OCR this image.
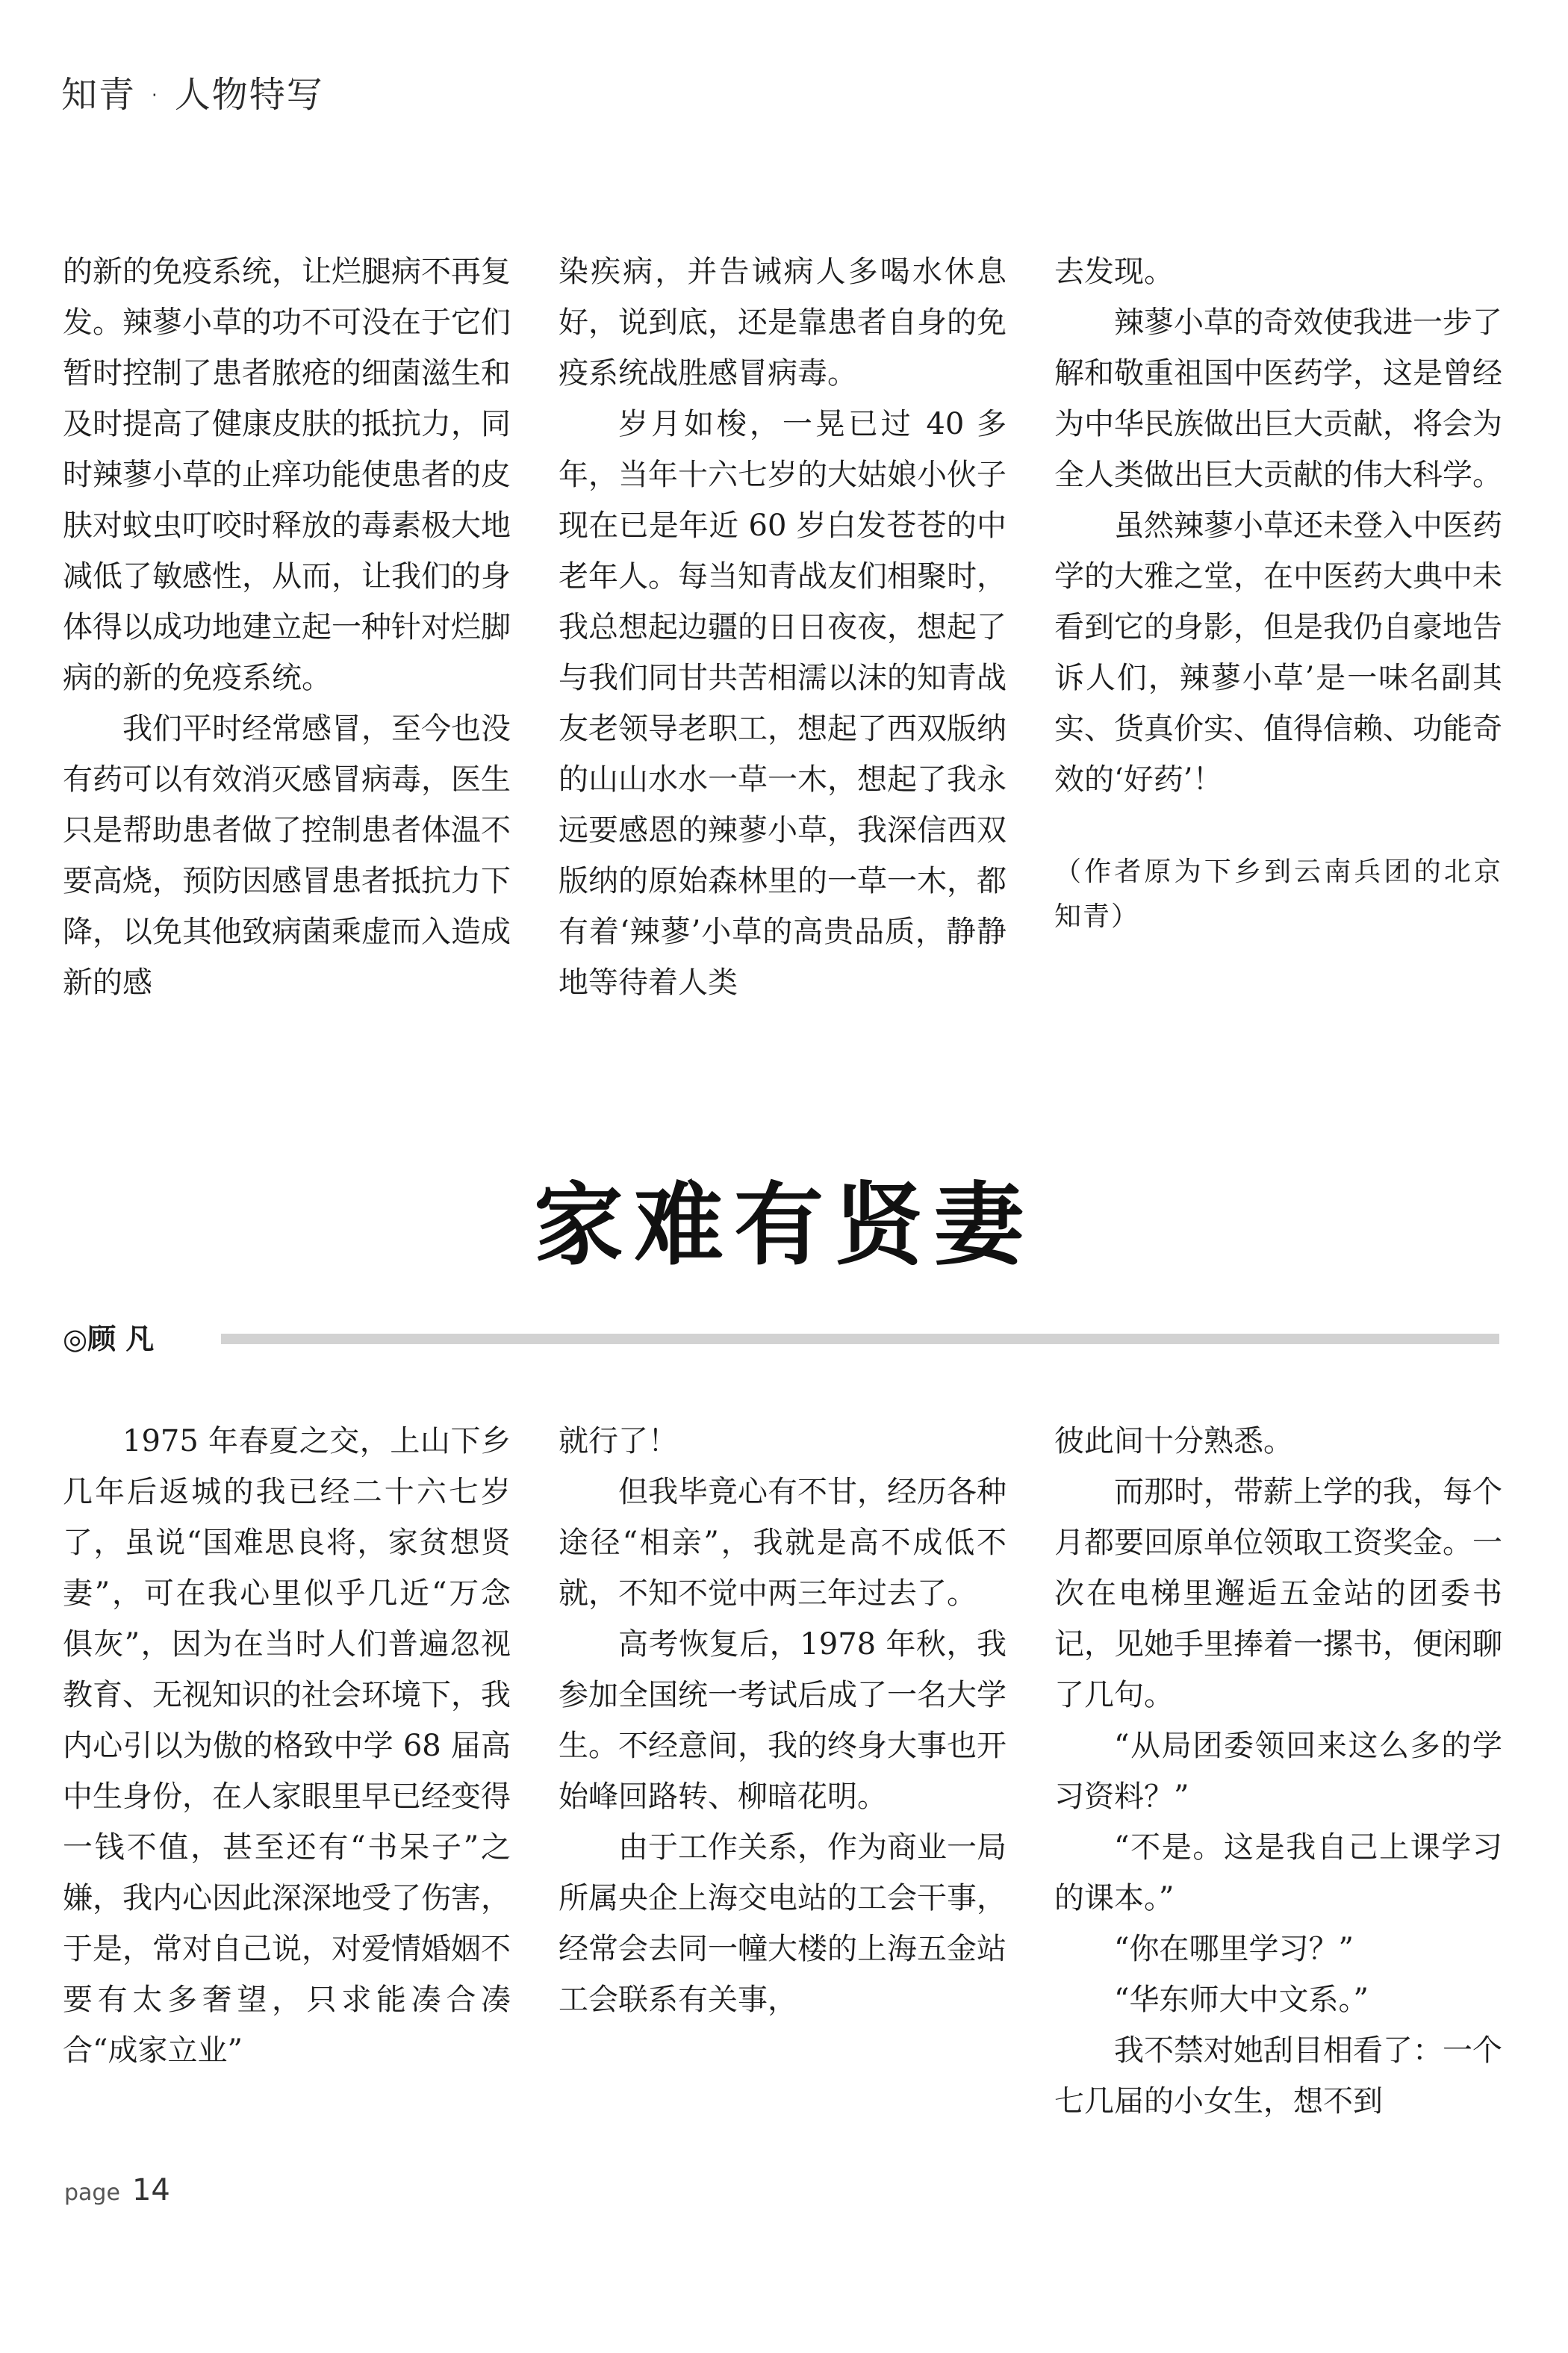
知青 · 人物特写

的新的免疫系统，让烂腿病不再复发。辣蓼小草的功不可没在于它们暂时控制了患者脓疮的细菌滋生和及时提高了健康皮肤的抵抗力，同时辣蓼小草的止痒功能使患者的皮肤对蚊虫叮咬时释放的毒素极大地减低了敏感性，从而，让我们的身体得以成功地建立起一种针对烂脚病的新的免疫系统。

我们平时经常感冒，至今也没有药可以有效消灭感冒病毒，医生只是帮助患者做了控制患者体温不要高烧，预防因感冒患者抵抗力下降，以免其他致病菌乘虚而入造成新的感

染疾病，并告诫病人多喝水休息好，说到底，还是靠患者自身的免疫系统战胜感冒病毒。

岁月如梭，一晃已过 40 多年，当年十六七岁的大姑娘小伙子现在已是年近 60 岁白发苍苍的中老年人。每当知青战友们相聚时，我总想起边疆的日日夜夜，想起了与我们同甘共苦相濡以沫的知青战友老领导老职工，想起了西双版纳的山山水水一草一木，想起了我永远要感恩的辣蓼小草，我深信西双版纳的原始森林里的一草一木，都有着‘辣蓼’小草的高贵品质，静静地等待着人类

去发现。

辣蓼小草的奇效使我进一步了解和敬重祖国中医药学，这是曾经为中华民族做出巨大贡献，将会为全人类做出巨大贡献的伟大科学。

虽然辣蓼小草还未登入中医药学的大雅之堂，在中医药大典中未看到它的身影，但是我仍自豪地告诉人们，辣蓼小草’是一味名副其实、货真价实、值得信赖、功能奇效的‘好药’！

（作者原为下乡到云南兵团的北京知青）

家难有贤妻
◎顾 凡

1975 年春夏之交，上山下乡几年后返城的我已经二十六七岁了，虽说“国难思良将，家贫想贤妻”，可在我心里似乎几近“万念俱灰”，因为在当时人们普遍忽视教育、无视知识的社会环境下，我内心引以为傲的格致中学 68 届高中生身份，在人家眼里早已经变得一钱不值，甚至还有“书呆子”之嫌，我内心因此深深地受了伤害，于是，常对自己说，对爱情婚姻不要有太多奢望，只求能凑合凑合“成家立业”

就行了！

但我毕竟心有不甘，经历各种途径“相亲”，我就是高不成低不就，不知不觉中两三年过去了。

高考恢复后，1978 年秋，我参加全国统一考试后成了一名大学生。不经意间，我的终身大事也开始峰回路转、柳暗花明。

由于工作关系，作为商业一局所属央企上海交电站的工会干事，经常会去同一幢大楼的上海五金站工会联系有关事，

彼此间十分熟悉。

而那时，带薪上学的我，每个月都要回原单位领取工资奖金。一次在电梯里邂逅五金站的团委书记，见她手里捧着一摞书，便闲聊了几句。

“从局团委领回来这么多的学习资料？”

“不是。这是我自己上课学习的课本。”

“你在哪里学习？”

“华东师大中文系。”

我不禁对她刮目相看了：一个七几届的小女生，想不到

page 14
